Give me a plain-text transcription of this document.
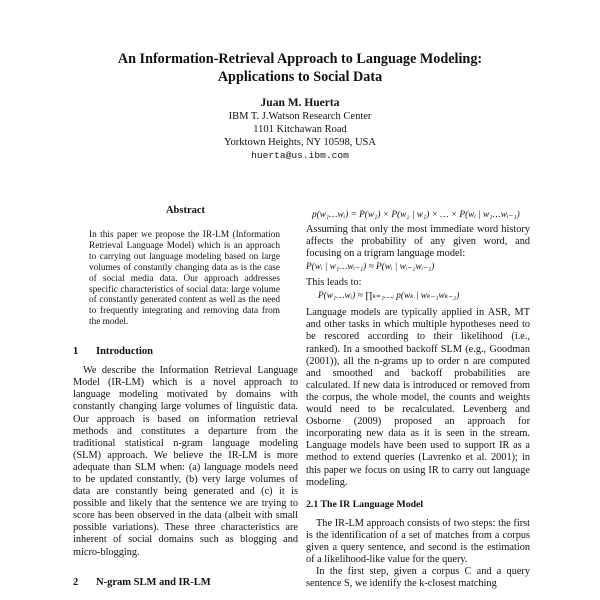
An Information-Retrieval Approach to Language Modeling:
Applications to Social Data
Juan M. Huerta
IBM T. J.Watson Research Center
1101 Kitchawan Road
Yorktown Heights, NY 10598, USA
huerta@us.ibm.com
Abstract
In this paper we propose the IR-LM (Information Retrieval Language Model) which is an approach to carrying out language modeling based on large volumes of constantly changing data as is the case of social media data. Our approach addresses specific characteristics of social data: large volume of constantly generated content as well as the need to frequently integrating and removing data from the model.
1 Introduction

We describe the Information Retrieval Language Model (IR-LM) which is a novel approach to language modeling motivated by domains with constantly changing large volumes of linguistic data. Our approach is based on information retrieval methods and constitutes a departure from the traditional statistical n-gram language modeling (SLM) approach. We believe the IR-LM is more adequate than SLM when: (a) language models need to be updated constantly, (b) very large volumes of data are constantly being generated and (c) it is possible and likely that the sentence we are trying to score has been observed in the data (albeit with small possible variations). These three characteristics are inherent of social domains such as blogging and micro-blogging.

2 N-gram SLM and IR-LM
p(w₁…wᵢ) = P(w₁) × P(w₂ | w₁) × … × P(wᵢ | w₁…wᵢ₋₁)

Assuming that only the most immediate word history affects the probability of any given word, and focusing on a trigram language model:

P(wᵢ | w₁…wᵢ₋₁) ≈ P(wᵢ | wᵢ₋₂wᵢ₋₁)
This leads to:
P(w₁…wᵢ) ≈ ∏ₖ₌₁…ᵢ p(wₖ | wₖ₋₁wₖ₋₂)

Language models are typically applied in ASR, MT and other tasks in which multiple hypotheses need to be rescored according to their likelihood (i.e., ranked). In a smoothed backoff SLM (e.g., Goodman (2001)), all the n-grams up to order n are computed and smoothed and backoff probabilities are calculated. If new data is introduced or removed from the corpus, the whole model, the counts and weights would need to be recalculated. Levenberg and Osborne (2009) proposed an approach for incorporating new data as it is seen in the stream. Language models have been used to support IR as a method to extend queries (Lavrenko et al. 2001); in this paper we focus on using IR to carry out language modeling.

2.1 The IR Language Model

The IR-LM approach consists of two steps: the first is the identification of a set of matches from a corpus given a query sentence, and second is the estimation of a likelihood-like value for the query.

In the first step, given a corpus C and a query sentence S, we identify the k-closest matching
